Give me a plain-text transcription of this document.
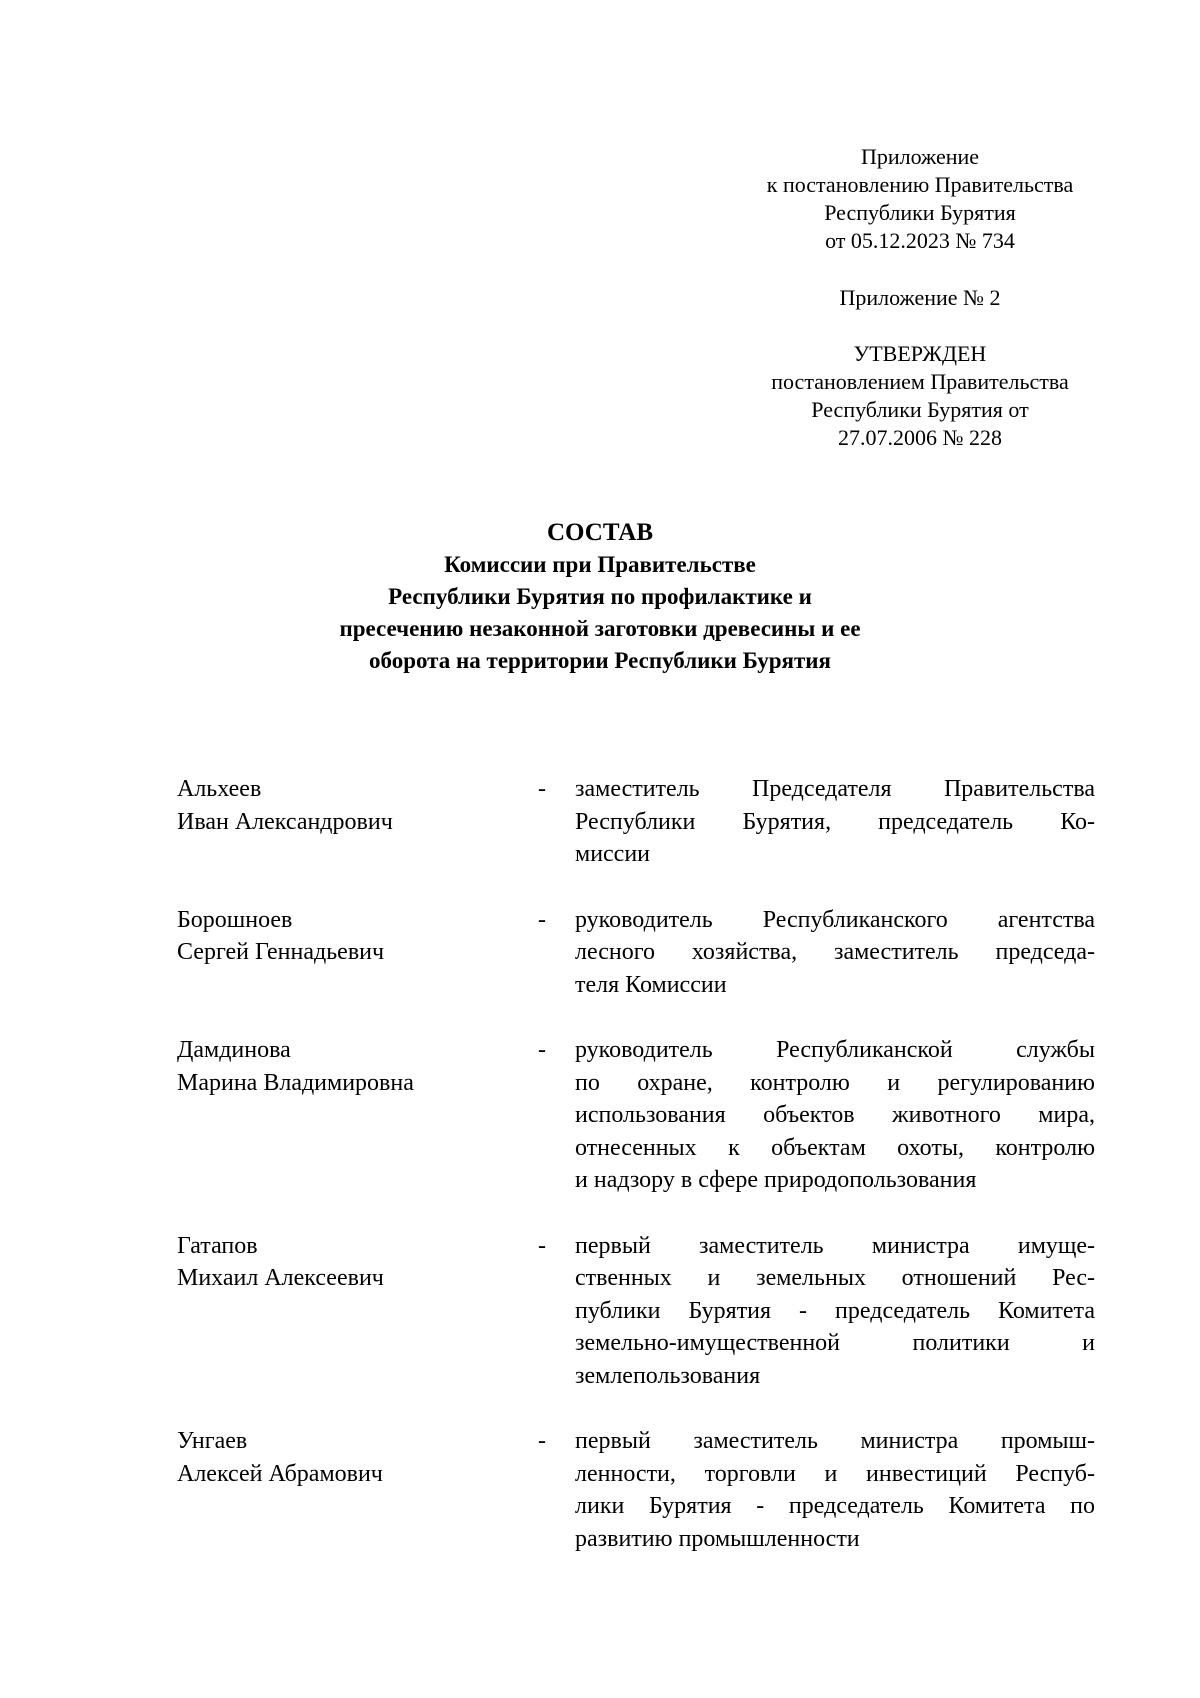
Приложение
к постановлению Правительства
Республики Бурятия
от 05.12.2023 № 734
Приложение № 2
УТВЕРЖДЕН
постановлением Правительства
Республики Бурятия от
27.07.2006 № 228
СОСТАВ
Комиссии при Правительстве
Республики Бурятия по профилактике и
пресечению незаконной заготовки древесины и ее
оборота на территории Республики Бурятия
Альхеев
Иван Александрович
- заместитель Председателя Правительства
Республики Бурятия, председатель Ко-
миссии
Борошноев
Сергей Геннадьевич
- руководитель Республиканского агентства
лесного хозяйства, заместитель председа-
теля Комиссии
Дамдинова
Марина Владимировна
- руководитель Республиканской службы
по охране, контролю и регулированию
использования объектов животного мира,
отнесенных к объектам охоты, контролю
и надзору в сфере природопользования
Гатапов
Михаил Алексеевич
- первый заместитель министра имуще-
ственных и земельных отношений Рес-
публики Бурятия - председатель Комитета
земельно-имущественной политики и
землепользования
Унгаев
Алексей Абрамович
- первый заместитель министра промыш-
ленности, торговли и инвестиций Респуб-
лики Бурятия - председатель Комитета по
развитию промышленности
